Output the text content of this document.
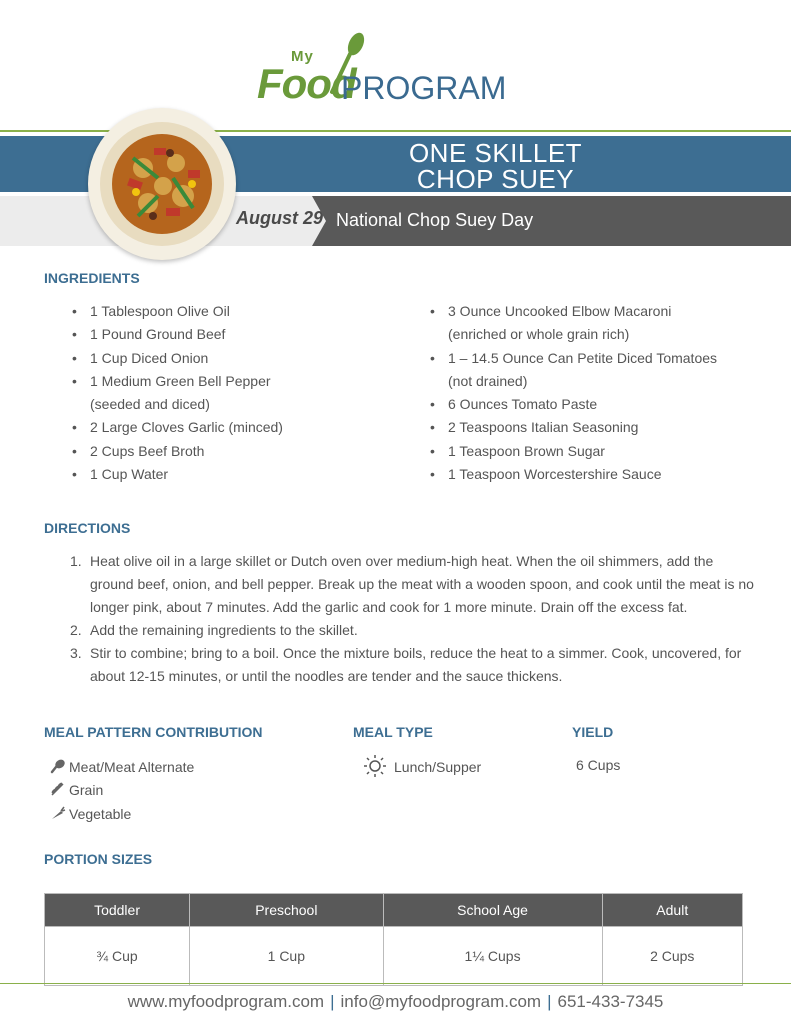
My
Food
PROGRAM
ONE SKILLET
CHOP SUEY
August 29 National Chop Suey Day
INGREDIENTS
• 1 Tablespoon Olive Oil
• 1 Pound Ground Beef
• 1 Cup Diced Onion
• 1 Medium Green Bell Pepper
(seeded and diced)
• 2 Large Cloves Garlic (minced)
• 2 Cups Beef Broth
• 1 Cup Water
• 3 Ounce Uncooked Elbow Macaroni
(enriched or whole grain rich)
• 1 – 14.5 Ounce Can Petite Diced Tomatoes
(not drained)
• 6 Ounces Tomato Paste
• 2 Teaspoons Italian Seasoning
• 1 Teaspoon Brown Sugar
• 1 Teaspoon Worcestershire Sauce
DIRECTIONS
1. Heat olive oil in a large skillet or Dutch oven over medium-high heat. When the oil shimmers, add the ground beef, onion, and bell pepper. Break up the meat with a wooden spoon, and cook until the meat is no longer pink, about 7 minutes. Add the garlic and cook for 1 more minute. Drain off the excess fat.
2. Add the remaining ingredients to the skillet.
3. Stir to combine; bring to a boil. Once the mixture boils, reduce the heat to a simmer. Cook, uncovered, for about 12-15 minutes, or until the noodles are tender and the sauce thickens.
MEAL PATTERN CONTRIBUTION
Meat/Meat Alternate
Grain
Vegetable
MEAL TYPE
Lunch/Supper
YIELD
6 Cups
PORTION SIZES
Toddler	Preschool	School Age	Adult
¾ Cup	1 Cup	1¼ Cups	2 Cups
www.myfoodprogram.com | info@myfoodprogram.com | 651-433-7345
